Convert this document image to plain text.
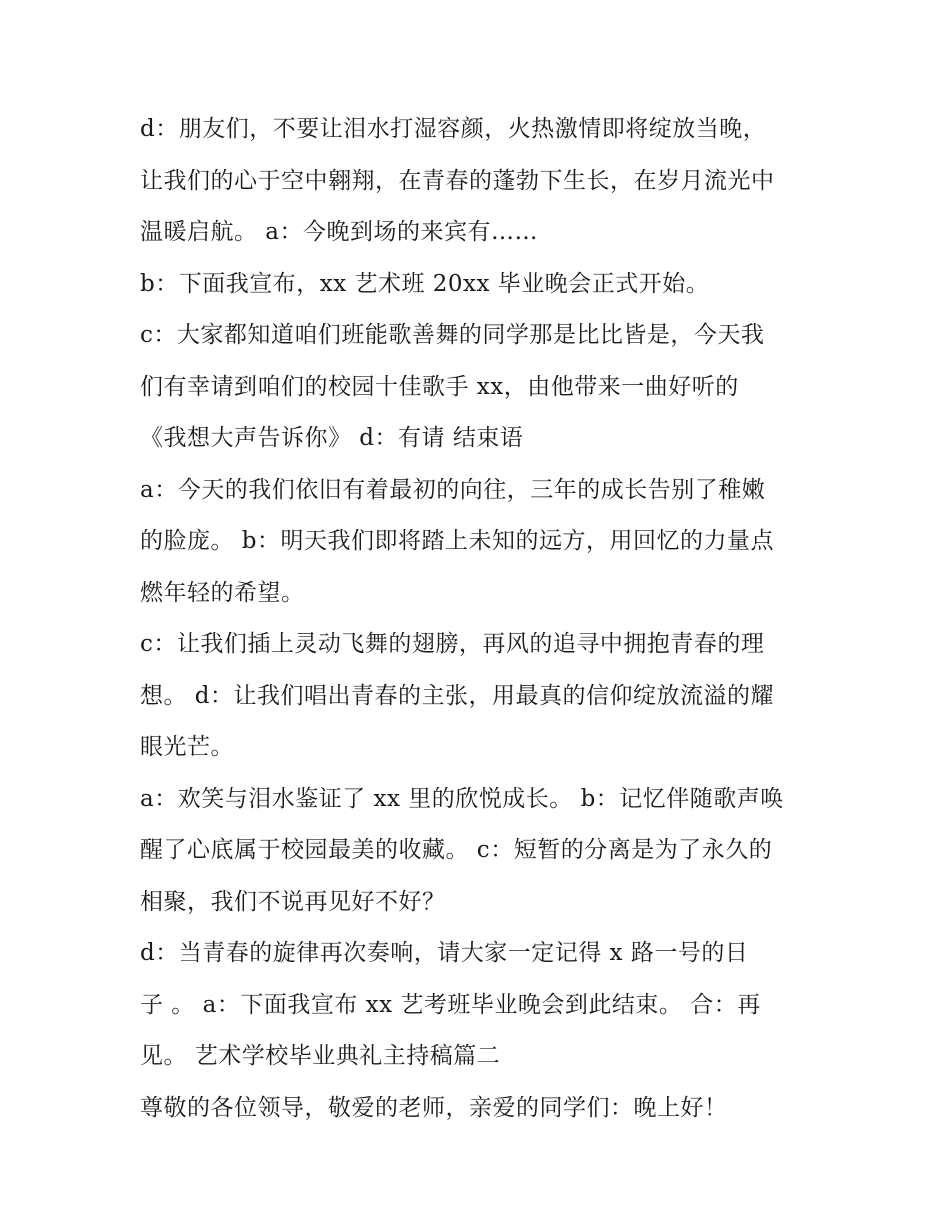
d：朋友们，不要让泪水打湿容颜，火热激情即将绽放当晚，
让我们的心于空中翱翔，在青春的蓬勃下生长，在岁月流光中
温暖启航。 a：今晚到场的来宾有……
b：下面我宣布，xx 艺术班 20xx 毕业晚会正式开始。
c：大家都知道咱们班能歌善舞的同学那是比比皆是，今天我
们有幸请到咱们的校园十佳歌手 xx，由他带来一曲好听的
《我想大声告诉你》 d：有请 结束语
a：今天的我们依旧有着最初的向往，三年的成长告别了稚嫩
的脸庞。 b：明天我们即将踏上未知的远方，用回忆的力量点
燃年轻的希望。
c：让我们插上灵动飞舞的翅膀，再风的追寻中拥抱青春的理
想。 d：让我们唱出青春的主张，用最真的信仰绽放流溢的耀
眼光芒。
a：欢笑与泪水鉴证了 xx 里的欣悦成长。 b：记忆伴随歌声唤
醒了心底属于校园最美的收藏。 c：短暂的分离是为了永久的
相聚，我们不说再见好不好？
d：当青春的旋律再次奏响，请大家一定记得 x 路一号的日
子 。 a：下面我宣布 xx 艺考班毕业晚会到此结束。 合：再
见。 艺术学校毕业典礼主持稿篇二
尊敬的各位领导，敬爱的老师，亲爱的同学们：晚上好！
